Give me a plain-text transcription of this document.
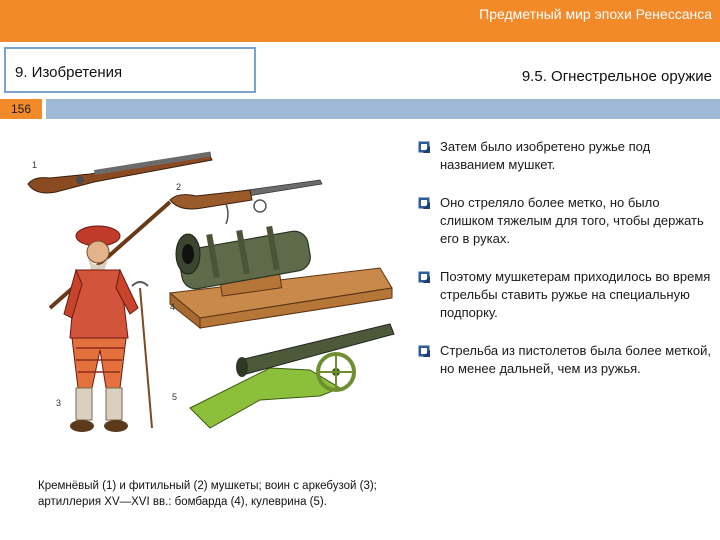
Предметный мир эпохи Ренессанса
9. Изобретения	9.5. Огнестрельное оружие
156
1
2
3
4
5
Кремнёвый (1) и фитильный (2) мушкеты; воин с аркебузой (3);
артиллерия XV—XVI вв.: бомбарда (4), кулеврина (5).
Затем было изобретено ружье под названием мушкет.
Оно стреляло более метко, но было слишком тяжелым для того, чтобы держать его в руках.
Поэтому мушкетерам приходилось во время стрельбы ставить ружье на специальную подпорку.
Стрельба из пистолетов была более меткой, но менее дальней, чем из ружья.
